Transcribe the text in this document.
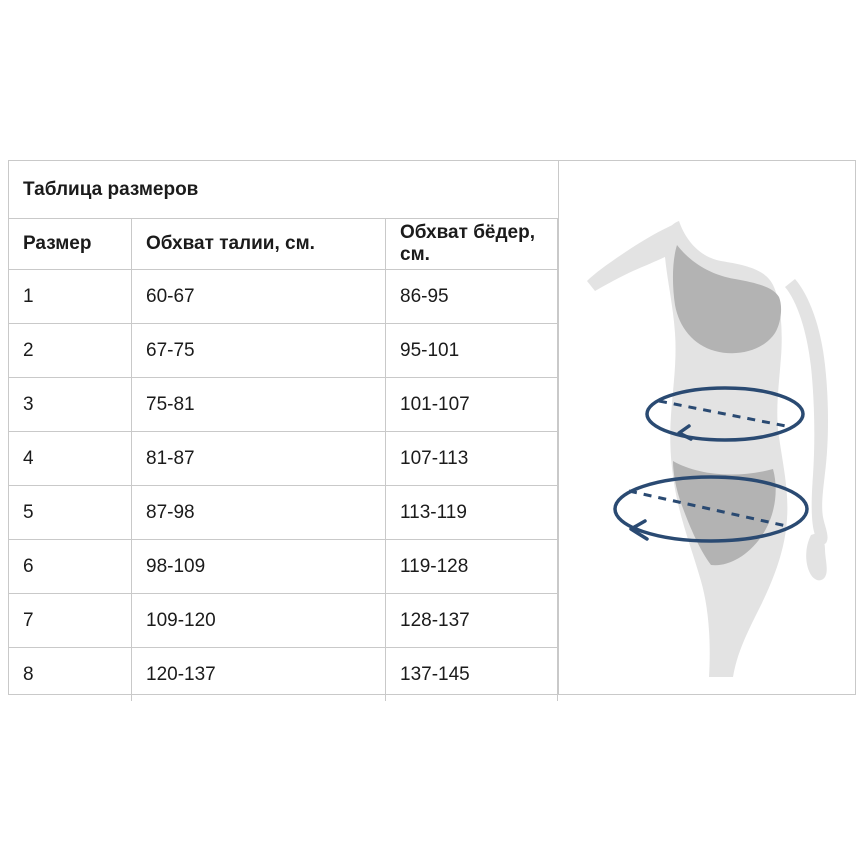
Таблица размеров
Размер	Обхват талии, см.	Обхват бёдер, см.
1	60-67	86-95
2	67-75	95-101
3	75-81	101-107
4	81-87	107-113
5	87-98	113-119
6	98-109	119-128
7	109-120	128-137
8	120-137	137-145
